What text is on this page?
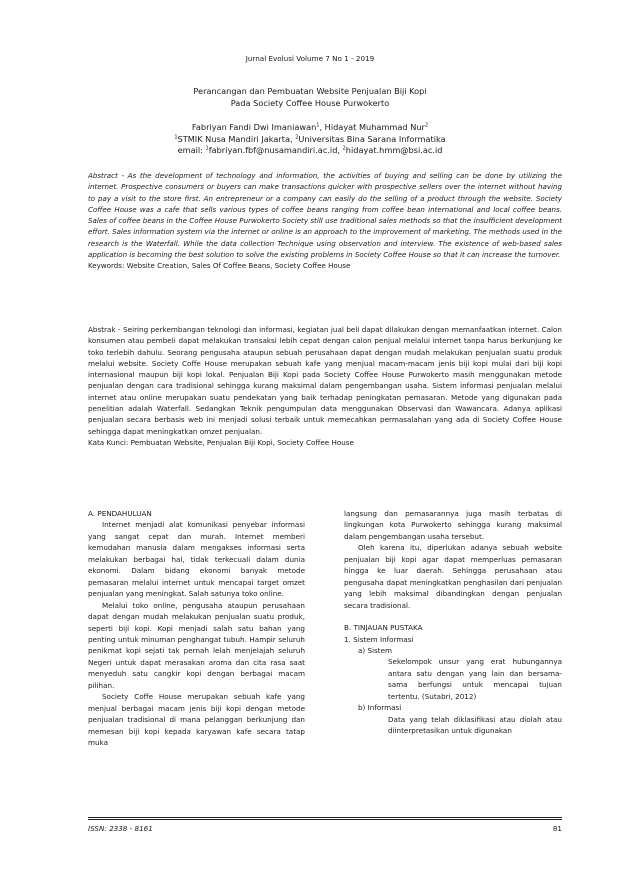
Jurnal Evolusi Volume 7 No 1 - 2019
Perancangan dan Pembuatan Website Penjualan Biji Kopi
Pada Society Coffee House Purwokerto
Fabriyan Fandi Dwi Imaniawan$^1$, Hidayat Muhammad Nur$^2$
$^1$STMIK Nusa Mandiri Jakarta, $^2$Universitas Bina Sarana Informatika
email: $^1$fabriyan.fbf@nusamandiri.ac.id, $^2$hidayat.hmm@bsi.ac.id

Abstract - As the development of technology and information, the activities of buying and selling can be done by utilizing the internet. Prospective consumers or buyers can make transactions quicker with prospective sellers over the internet without having to pay a visit to the store first. An entrepreneur or a company can easily do the selling of a product through the website. Society Coffee House was a cafe that sells various types of coffee beans ranging from coffee bean international and local coffee beans. Sales of coffee beans in the Coffee House Purwokerto Society still use traditional sales methods so that the insufficient development effort. Sales information system via the internet or online is an approach to the improvement of marketing. The methods used in the research is the Waterfall. While the data collection Technique using observation and interview. The existence of web-based sales application is becoming the best solution to solve the existing problems in Society Coffee House so that it can increase the turnover.

Keywords: Website Creation, Sales Of Coffee Beans, Society Coffee House

Abstrak - Seiring perkembangan teknologi dan informasi, kegiatan jual beli dapat dilakukan dengan memanfaatkan internet. Calon konsumen atau pembeli dapat melakukan transaksi lebih cepat dengan calon penjual melalui internet tanpa harus berkunjung ke toko terlebih dahulu. Seorang pengusaha ataupun sebuah perusahaan dapat dengan mudah melakukan penjualan suatu produk melalui website. Society Coffe House merupakan sebuah kafe yang menjual macam-macam jenis biji kopi mulai dari biji kopi internasional maupun biji kopi lokal. Penjualan Biji Kopi pada Society Coffee House Purwokerto masih menggunakan metode penjualan dengan cara tradisional sehingga kurang maksimal dalam pengembangan usaha. Sistem informasi penjualan melalui internet atau online merupakan suatu pendekatan yang baik terhadap peningkatan pemasaran. Metode yang digunakan pada penelitian adalah Waterfall. Sedangkan Teknik pengumpulan data menggunakan Observasi dan Wawancara. Adanya aplikasi penjualan secara berbasis web ini menjadi solusi terbaik untuk memecahkan permasalahan yang ada di Society Coffee House sehingga dapat meningkatkan omzet penjualan.

Kata Kunci: Pembuatan Website, Penjualan Biji Kopi, Society Coffee House

A. PENDAHULUAN

Internet menjadi alat komunikasi penyebar informasi yang sangat cepat dan murah. Internet memberi kemudahan manusia dalam mengakses informasi serta melakukan berbagai hal, tidak terkecuali dalam dunia ekonomi. Dalam bidang ekonomi banyak metode pemasaran melalui internet untuk mencapai target omzet penjualan yang meningkat. Salah satunya toko online.

Melalui toko online, pengusaha ataupun perusahaan dapat dengan mudah melakukan penjualan suatu produk, seperti biji kopi. Kopi menjadi salah satu bahan yang penting untuk minuman penghangat tubuh. Hampir seluruh penikmat kopi sejati tak pernah lelah menjelajah seluruh Negeri untuk dapat merasakan aroma dan cita rasa saat menyeduh satu cangkir kopi dengan berbagai macam pilihan.

Society Coffe House merupakan sebuah kafe yang menjual berbagai macam jenis biji kopi dengan metode penjualan tradisional di mana pelanggan berkunjung dan memesan biji kopi kepada karyawan kafe secara tatap muka

langsung dan pemasarannya juga masih terbatas di lingkungan kota Purwokerto sehingga kurang maksimal dalam pengembangan usaha tersebut.

Oleh karena itu, diperlukan adanya sebuah website penjualan biji kopi agar dapat memperluas pemasaran hingga ke luar daerah. Sehingga perusahaan atau pengusaha dapat meningkatkan penghasilan dari penjualan yang lebih maksimal dibandingkan dengan penjualan secara tradisional.

B. TINJAUAN PUSTAKA

1. Sistem Informasi

a) Sistem

Sekelompok unsur yang erat hubungannya antara satu dengan yang lain dan bersama-sama berfungsi untuk mencapai tujuan tertentu. (Sutabri, 2012)

b) Informasi

Data yang telah diklasifikasi atau diolah atau diinterpretasikan untuk digunakan

ISSN: 2338 - 8161	81
